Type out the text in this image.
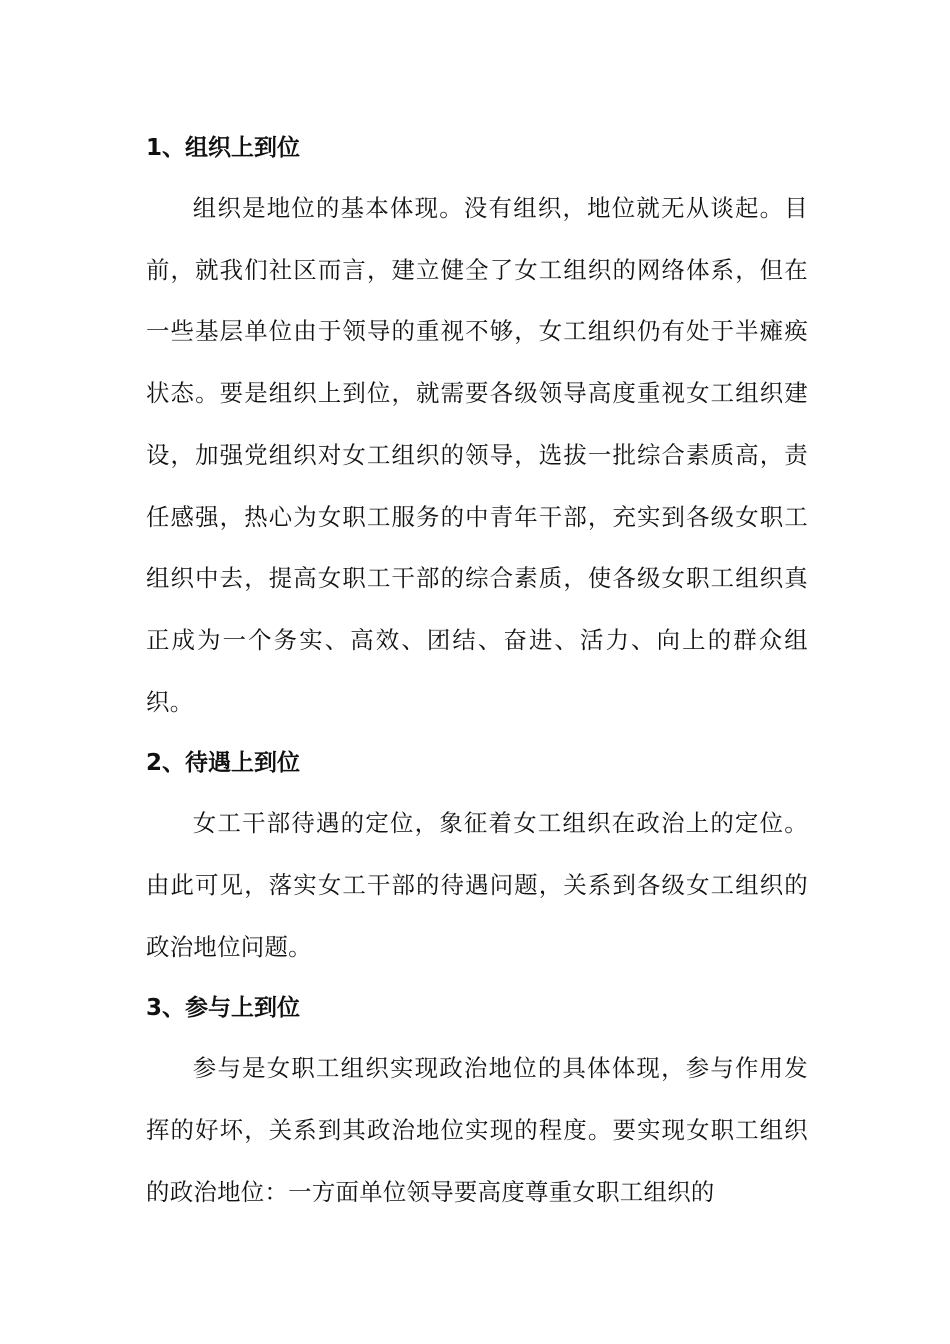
1、组织上到位

组织是地位的基本体现。没有组织，地位就无从谈起。目前，就我们社区而言，建立健全了女工组织的网络体系，但在一些基层单位由于领导的重视不够，女工组织仍有处于半瘫痪状态。要是组织上到位，就需要各级领导高度重视女工组织建设，加强党组织对女工组织的领导，选拔一批综合素质高，责任感强，热心为女职工服务的中青年干部，充实到各级女职工组织中去，提高女职工干部的综合素质，使各级女职工组织真正成为一个务实、高效、团结、奋进、活力、向上的群众组织。

2、待遇上到位

女工干部待遇的定位，象征着女工组织在政治上的定位。由此可见，落实女工干部的待遇问题，关系到各级女工组织的政治地位问题。

3、参与上到位

参与是女职工组织实现政治地位的具体体现，参与作用发挥的好坏，关系到其政治地位实现的程度。要实现女职工组织的政治地位：一方面单位领导要高度尊重女职工组织的
